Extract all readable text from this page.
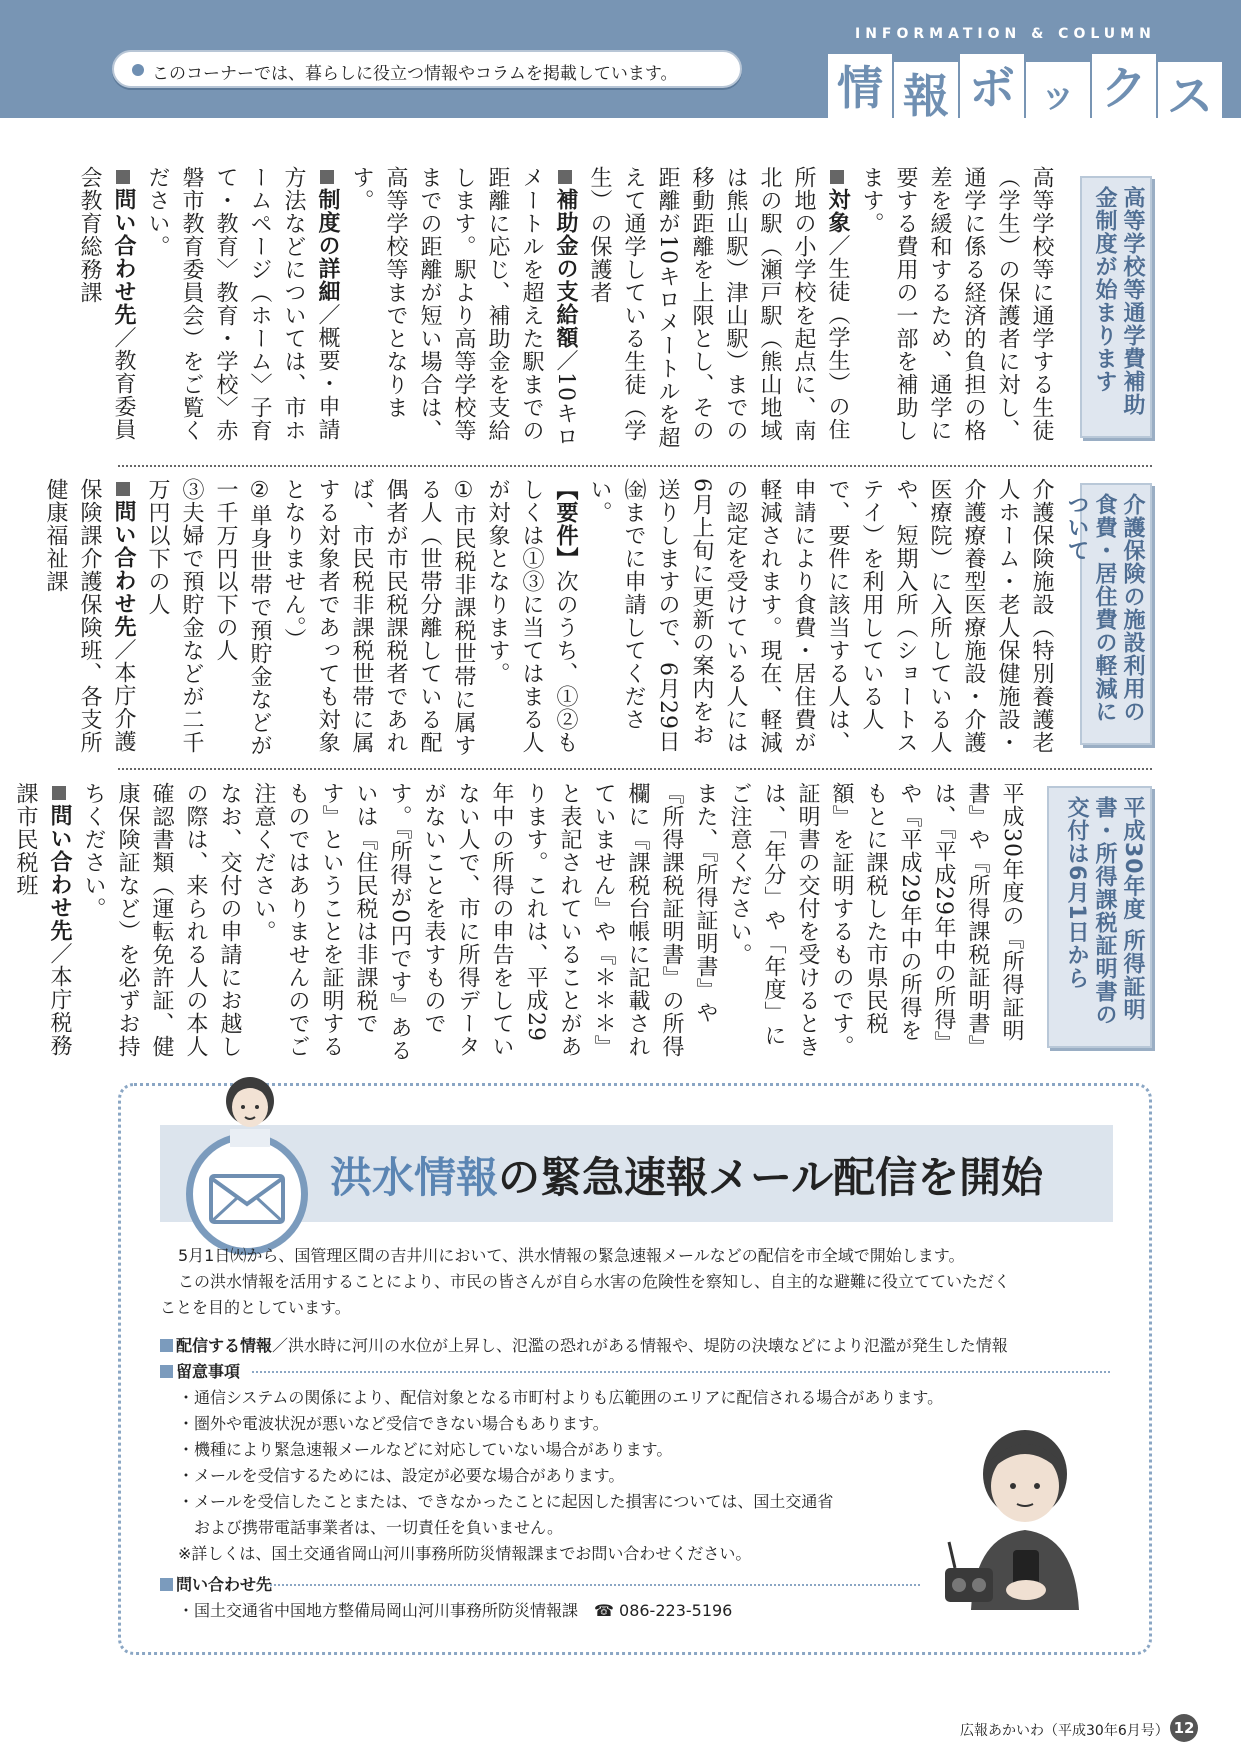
このコーナーでは、暮らしに役立つ情報やコラムを掲載しています。
INFORMATION & COLUMN
情 報 ボ ッ ク ス
高等学校等通学費補助金制度が始まります
高等学校等に通学する生徒（学生）の保護者に対し、通学に係る経済的負担の格差を緩和するため、通学に要する費用の一部を補助します。
対象／生徒（学生）の住所地の小学校を起点に、南北の駅（瀬戸駅（熊山地域は熊山駅）津山駅）までの移動距離を上限とし、その距離が10キロメートルを超えて通学している生徒（学生）の保護者
補助金の支給額／10キロメートルを超えた駅までの距離に応じ、補助金を支給します。駅より高等学校等までの距離が短い場合は、高等学校等までとなります。
制度の詳細／概要・申請方法などについては、市ホームページ（ホーム〉子育て・教育〉教育・学校〉赤磐市教育委員会）をご覧ください。
問い合わせ先／教育委員会教育総務課
介護保険の施設利用の食費・居住費の軽減について
介護保険施設（特別養護老人ホーム・老人保健施設・介護療養型医療施設・介護医療院）に入所している人や、短期入所（ショートステイ）を利用している人で、要件に該当する人は、申請により食費・居住費が軽減されます。現在、軽減の認定を受けている人には6月上旬に更新の案内をお送りしますので、6月29日㈮までに申請してください。
【要件】次のうち、①②もしくは①③に当てはまる人が対象となります。
①市民税非課税世帯に属する人（世帯分離している配偶者が市民税課税者であれば、市民税非課税世帯に属する対象者であっても対象となりません。）
②単身世帯で預貯金などが一千万円以下の人
③夫婦で預貯金などが二千万円以下の人
問い合わせ先／本庁介護保険課介護保険班、各支所健康福祉課
平成30年度 所得証明書・所得課税証明書の交付は6月1日から
平成30年度の『所得証明書』や『所得課税証明書』は、『平成29年中の所得』や『平成29年中の所得をもとに課税した市県民税額』を証明するものです。証明書の交付を受けるときは、「年分」や「年度」にご注意ください。
また、『所得証明書』や『所得課税証明書』の所得欄に『課税台帳に記載されていません』や『＊＊＊』と表記されていることがあります。これは、平成29年中の所得の申告をしていない人で、市に所得データがないことを表すものです。『所得が0円です』あるいは『住民税は非課税です』ということを証明するものではありませんのでご注意ください。
なお、交付の申請にお越しの際は、来られる人の本人確認書類（運転免許証、健康保険証など）を必ずお持ちください。
問い合わせ先／本庁税務課市民税班
洪水情報の緊急速報メール配信を開始
5月1日㈫から、国管理区間の吉井川において、洪水情報の緊急速報メールなどの配信を市全域で開始します。
この洪水情報を活用することにより、市民の皆さんが自ら水害の危険性を察知し、自主的な避難に役立てていただく
ことを目的としています。
配信する情報／洪水時に河川の水位が上昇し、氾濫の恐れがある情報や、堤防の決壊などにより氾濫が発生した情報
留意事項
・通信システムの関係により、配信対象となる市町村よりも広範囲のエリアに配信される場合があります。
・圏外や電波状況が悪いなど受信できない場合もあります。
・機種により緊急速報メールなどに対応していない場合があります。
・メールを受信するためには、設定が必要な場合があります。
・メールを受信したことまたは、できなかったことに起因した損害については、国土交通省
　および携帯電話事業者は、一切責任を負いません。
※詳しくは、国土交通省岡山河川事務所防災情報課までお問い合わせください。
問い合わせ先
・国土交通省中国地方整備局岡山河川事務所防災情報課　☎ 086-223-5196
広報あかいわ（平成30年6月号） 12
